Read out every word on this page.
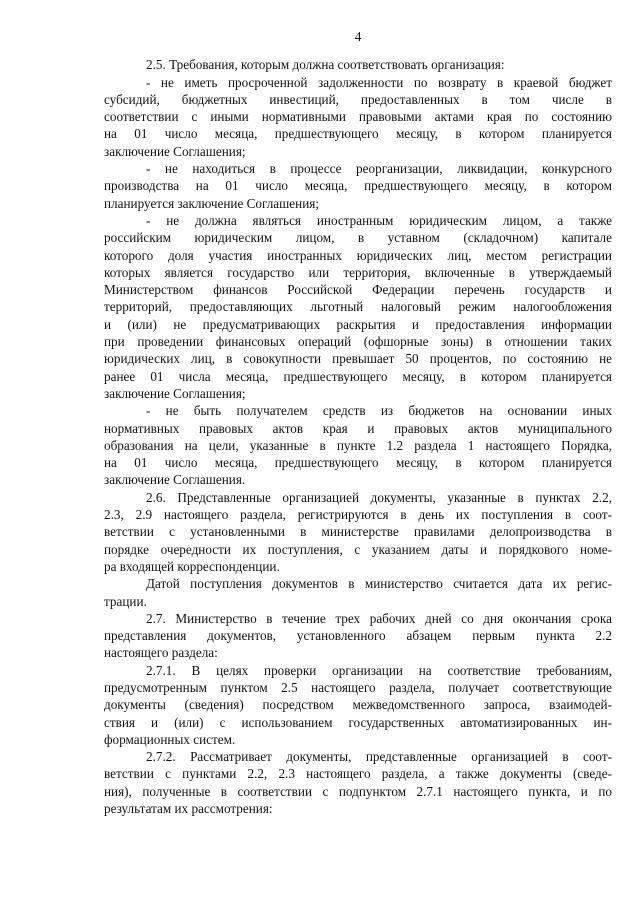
4
2.5. Требования, которым должна соответствовать организация:
- не иметь просроченной задолженности по возврату в краевой бюджет
субсидий, бюджетных инвестиций, предоставленных в том числе в
соответствии с иными нормативными правовыми актами края по состоянию
на 01 число месяца, предшествующего месяцу, в котором планируется
заключение Соглашения;
- не находиться в процессе реорганизации, ликвидации, конкурсного
производства на 01 число месяца, предшествующего месяцу, в котором
планируется заключение Соглашения;
- не должна являться иностранным юридическим лицом, а также
российским юридическим лицом, в уставном (складочном) капитале
которого доля участия иностранных юридических лиц, местом регистрации
которых является государство или территория, включенные в утверждаемый
Министерством финансов Российской Федерации перечень государств и
территорий, предоставляющих льготный налоговый режим налогообложения
и (или) не предусматривающих раскрытия и предоставления информации
при проведении финансовых операций (офшорные зоны) в отношении таких
юридических лиц, в совокупности превышает 50 процентов, по состоянию не
ранее 01 числа месяца, предшествующего месяцу, в котором планируется
заключение Соглашения;
- не быть получателем средств из бюджетов на основании иных
нормативных правовых актов края и правовых актов муниципального
образования на цели, указанные в пункте 1.2 раздела 1 настоящего Порядка,
на 01 число месяца, предшествующего месяцу, в котором планируется
заключение Соглашения.
2.6. Представленные организацией документы, указанные в пунктах 2.2,
2.3, 2.9 настоящего раздела, регистрируются в день их поступления в соот-
ветствии с установленными в министерстве правилами делопроизводства в
порядке очередности их поступления, с указанием даты и порядкового номе-
ра входящей корреспонденции.
Датой поступления документов в министерство считается дата их регис-
трации.
2.7. Министерство в течение трех рабочих дней со дня окончания срока
представления документов, установленного абзацем первым пункта 2.2
настоящего раздела:
2.7.1. В целях проверки организации на соответствие требованиям,
предусмотренным пунктом 2.5 настоящего раздела, получает соответствующие
документы (сведения) посредством межведомственного запроса, взаимодей-
ствия и (или) с использованием государственных автоматизированных ин-
формационных систем.
2.7.2. Рассматривает документы, представленные организацией в соот-
ветствии с пунктами 2.2, 2.3 настоящего раздела, а также документы (сведе-
ния), полученные в соответствии с подпунктом 2.7.1 настоящего пункта, и по
результатам их рассмотрения:
